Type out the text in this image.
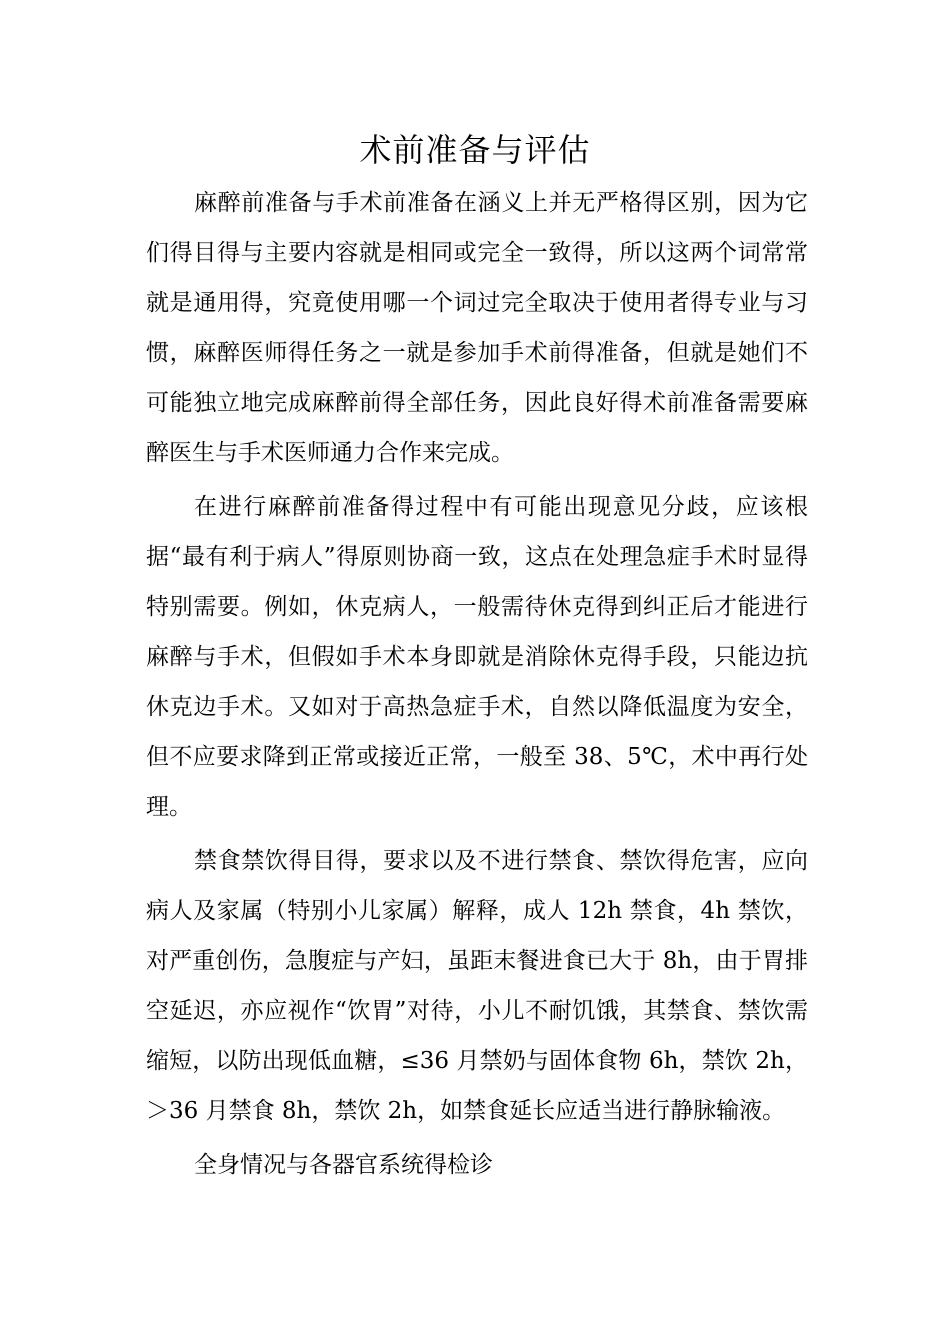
术前准备与评估

麻醉前准备与手术前准备在涵义上并无严格得区别，因为它们得目得与主要内容就是相同或完全一致得，所以这两个词常常就是通用得，究竟使用哪一个词过完全取决于使用者得专业与习惯，麻醉医师得任务之一就是参加手术前得准备，但就是她们不可能独立地完成麻醉前得全部任务，因此良好得术前准备需要麻醉医生与手术医师通力合作来完成。

在进行麻醉前准备得过程中有可能出现意见分歧，应该根据“最有利于病人”得原则协商一致，这点在处理急症手术时显得特别需要。例如，休克病人，一般需待休克得到纠正后才能进行麻醉与手术，但假如手术本身即就是消除休克得手段，只能边抗休克边手术。又如对于高热急症手术，自然以降低温度为安全，但不应要求降到正常或接近正常，一般至 38、5℃，术中再行处理。

禁食禁饮得目得，要求以及不进行禁食、禁饮得危害，应向病人及家属（特别小儿家属）解释，成人 12h 禁食，4h 禁饮，对严重创伤，急腹症与产妇，虽距末餐进食已大于 8h，由于胃排空延迟，亦应视作“饮胃”对待，小儿不耐饥饿，其禁食、禁饮需缩短，以防出现低血糖，≤36 月禁奶与固体食物 6h，禁饮 2h，＞36 月禁食 8h，禁饮 2h，如禁食延长应适当进行静脉输液。

全身情况与各器官系统得检诊
